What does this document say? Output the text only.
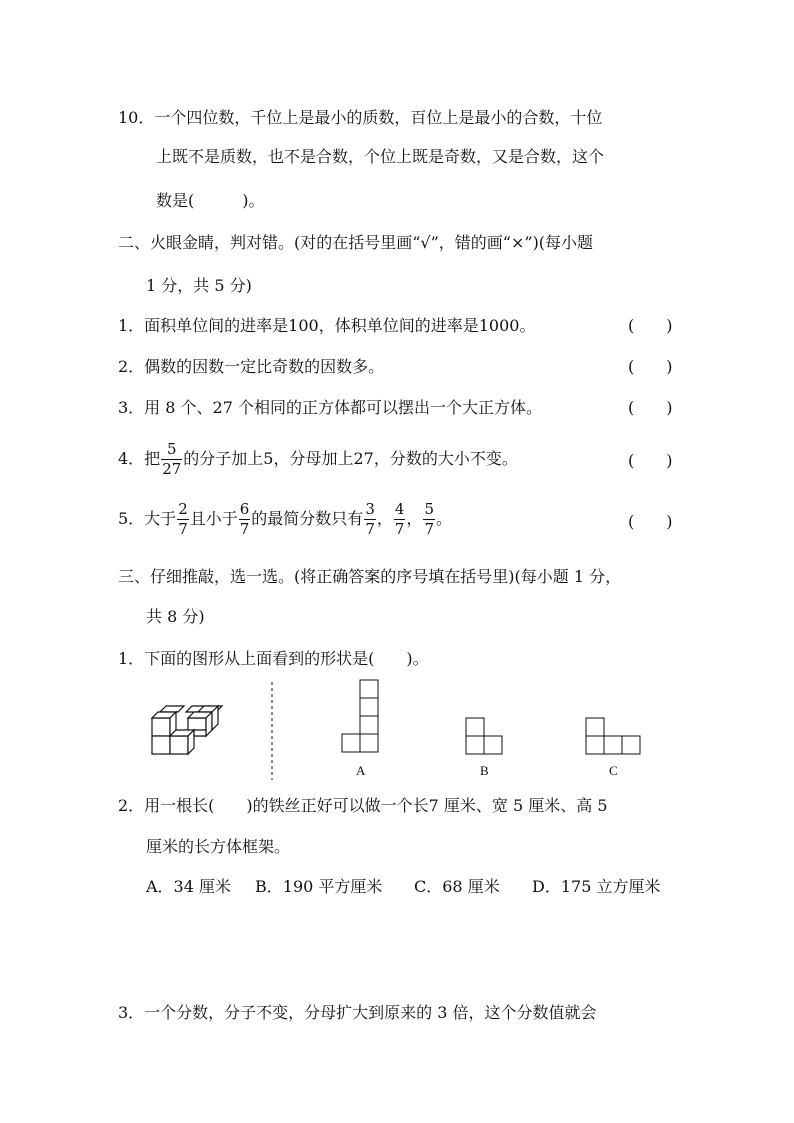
10．一个四位数，千位上是最小的质数，百位上是最小的合数，十位
上既不是质数，也不是合数，个位上既是奇数，又是合数，这个
数是(　　　)。
二、火眼金睛，判对错。(对的在括号里画“√”，错的画“×”)(每小题
1 分，共 5 分)
1．面积单位间的进率是100，体积单位间的进率是1000。	(　　)
2．偶数的因数一定比奇数的因数多。	(　　)
3．用 8 个、27 个相同的正方体都可以摆出一个大正方体。	(　　)
4．把 $\frac{5}{27}$ 的分子加上5，分母加上27，分数的大小不变。	(　　)
5．大于 $\frac{2}{7}$ 且小于 $\frac{6}{7}$ 的最简分数只有 $\frac{3}{7}$ ， $\frac{4}{7}$ ， $\frac{5}{7}$ 。	(　　)
三、仔细推敲，选一选。(将正确答案的序号填在括号里)(每小题 1 分，
共 8 分)
1．下面的图形从上面看到的形状是(　　)。
A	B	C
2．用一根长(　　)的铁丝正好可以做一个长7 厘米、宽 5 厘米、高 5
厘米的长方体框架。
A．34 厘米 B．190 平方厘米 C．68 厘米 D．175 立方厘米
3．一个分数，分子不变，分母扩大到原来的 3 倍，这个分数值就会
